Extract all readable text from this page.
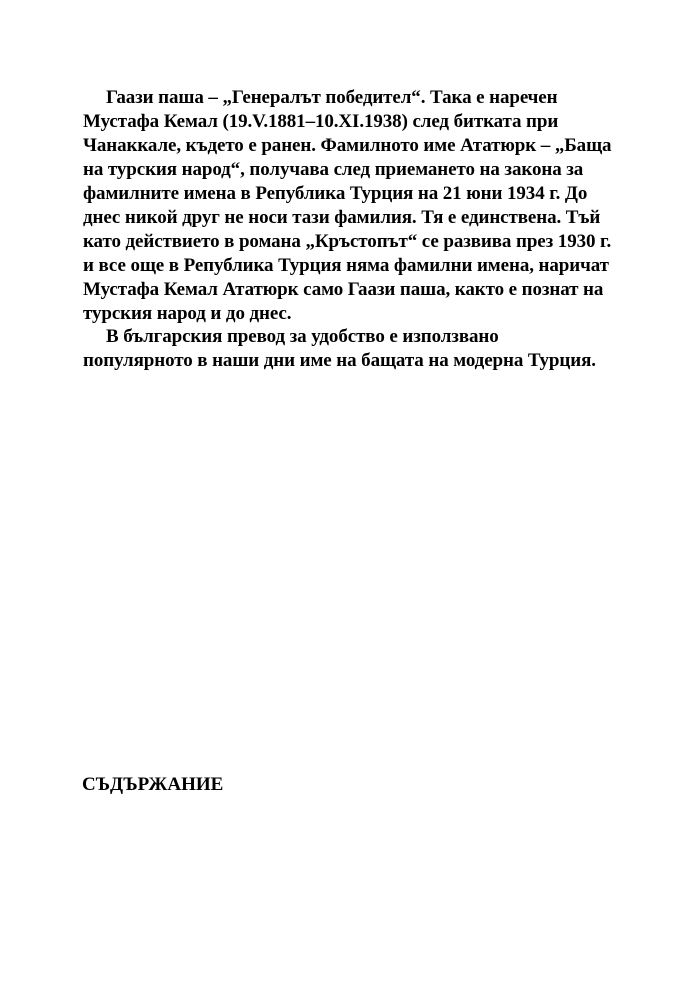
Гаази паша – „Генералът победител“. Така е наречен
Мустафа Кемал (19.V.1881–10.XI.1938) след битката при
Чанаккале, където е ранен. Фамилното име Ататюрк – „Баща
на турския народ“, получава след приемането на закона за
фамилните имена в Република Турция на 21 юни 1934 г. До
днес никой друг не носи тази фамилия. Тя е единствена. Тъй
като действието в романа „Кръстопът“ се развива през 1930 г.
и все още в Република Турция няма фамилни имена, наричат
Мустафа Кемал Ататюрк само Гаази паша, както е познат на
турския народ и до днес.
В българския превод за удобство е използвано
популярното в наши дни име на бащата на модерна Турция.
СЪДЪРЖАНИЕ
